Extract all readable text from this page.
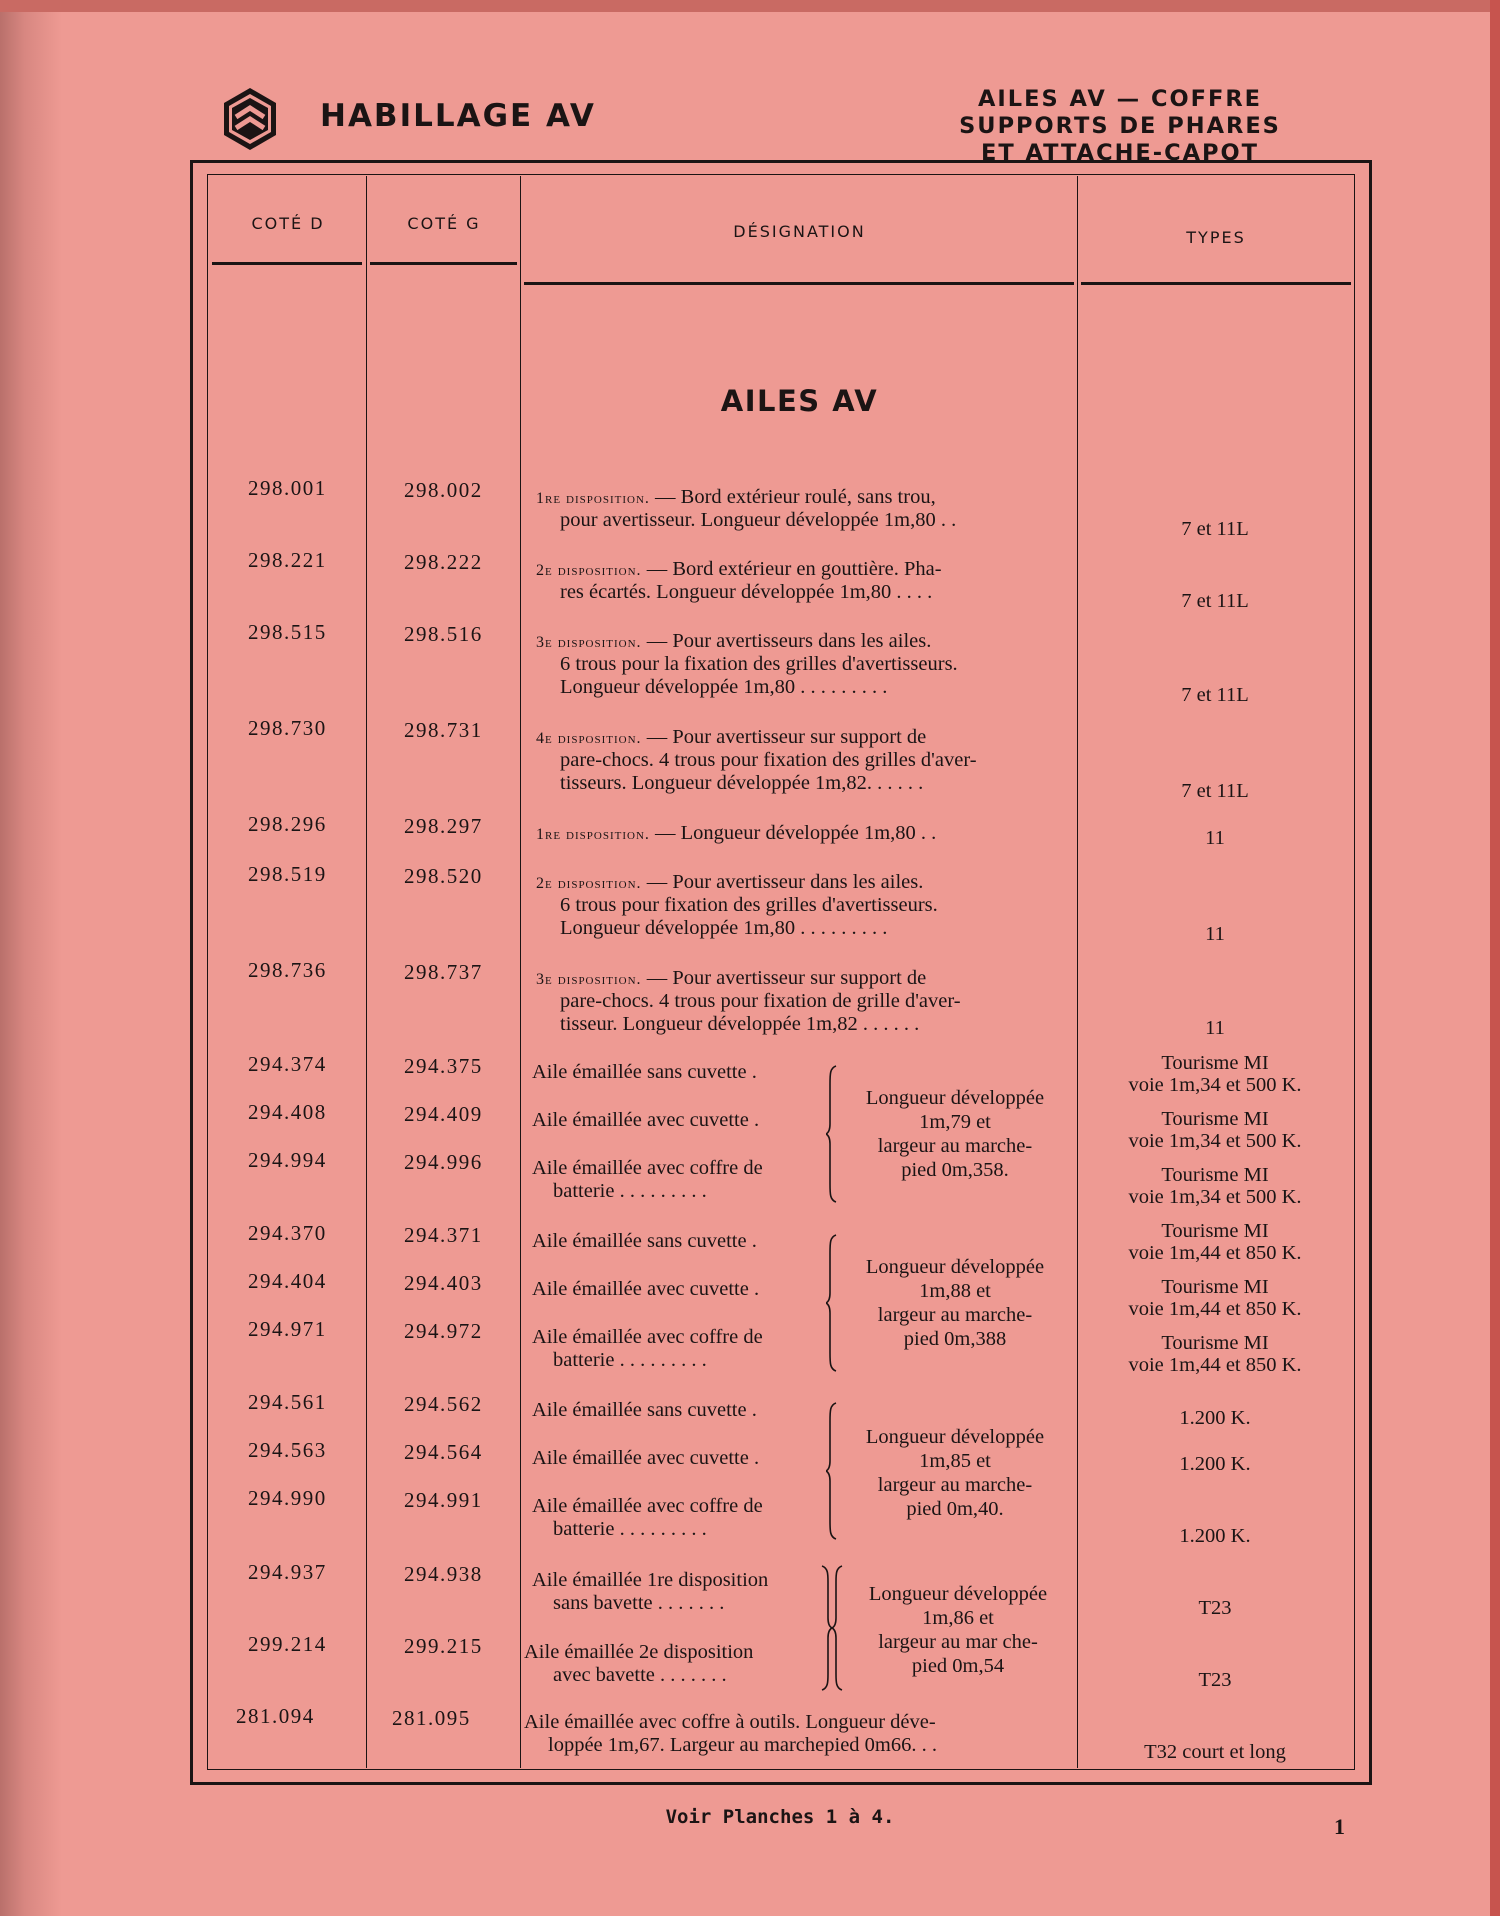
HABILLAGE AV	AILES AV — COFFRE
SUPPORTS DE PHARES
ET ATTACHE-CAPOT
COTÉ D	COTÉ G	DÉSIGNATION	TYPES
AILES AV
298.001	298.002	1re disposition. — Bord extérieur roulé, sans trou,
pour avertisseur. Longueur développée 1m,80 . .	7 et 11L
298.221	298.222	2e disposition. — Bord extérieur en gouttière. Pha-
res écartés. Longueur développée 1m,80 . . . .	7 et 11L
298.515	298.516	3e disposition. — Pour avertisseurs dans les ailes.
6 trous pour la fixation des grilles d'avertisseurs.
Longueur développée 1m,80 . . . . . . . . .	7 et 11L
298.730	298.731	4e disposition. — Pour avertisseur sur support de
pare-chocs. 4 trous pour fixation des grilles d'aver-
tisseurs. Longueur développée 1m,82. . . . . .	7 et 11L
298.296	298.297	1re disposition. — Longueur développée 1m,80 . .	11
298.519	298.520	2e disposition. — Pour avertisseur dans les ailes.
6 trous pour fixation des grilles d'avertisseurs.
Longueur développée 1m,80 . . . . . . . . .	11
298.736	298.737	3e disposition. — Pour avertisseur sur support de
pare-chocs. 4 trous pour fixation de grille d'aver-
tisseur. Longueur développée 1m,82 . . . . . .	11
294.374	294.375 Aile émaillée sans cuvette .	Tourisme MI
voie 1m,34 et 500 K.
294.408	294.409 Aile émaillée avec cuvette .	Tourisme MI
voie 1m,34 et 500 K.
294.994	294.996 Aile émaillée avec coffre de
batterie . . . . . . . . .
Tourisme MI
voie 1m,34 et 500 K.
Longueur développée
1m,79 et
largeur au marche-
pied 0m,358.
294.370	294.371 Aile émaillée sans cuvette .	Tourisme MI
voie 1m,44 et 850 K.
294.404	294.403 Aile émaillée avec cuvette .	Tourisme MI
voie 1m,44 et 850 K.
294.971	294.972 Aile émaillée avec coffre de
batterie . . . . . . . . .
Tourisme MI
voie 1m,44 et 850 K.
Longueur développée
1m,88 et
largeur au marche-
pied 0m,388
294.561	294.562 Aile émaillée sans cuvette .	1.200 K.
294.563	294.564 Aile émaillée avec cuvette .	1.200 K.
294.990	294.991 Aile émaillée avec coffre de
batterie . . . . . . . . .	1.200 K.
Longueur développée
1m,85 et
largeur au marche-
pied 0m,40.
294.937	294.938 Aile émaillée 1re disposition
sans bavette . . . . . . .	T23
299.214	299.215 Aile émaillée 2e disposition
avec bavette . . . . . . .	T23
Longueur développée
1m,86 et
largeur au mar che-
pied 0m,54
281.094	281.095	Aile émaillée avec coffre à outils. Longueur déve-
loppée 1m,67. Largeur au marchepied 0m66. . .	T32 court et long
Voir Planches 1 à 4.	1
